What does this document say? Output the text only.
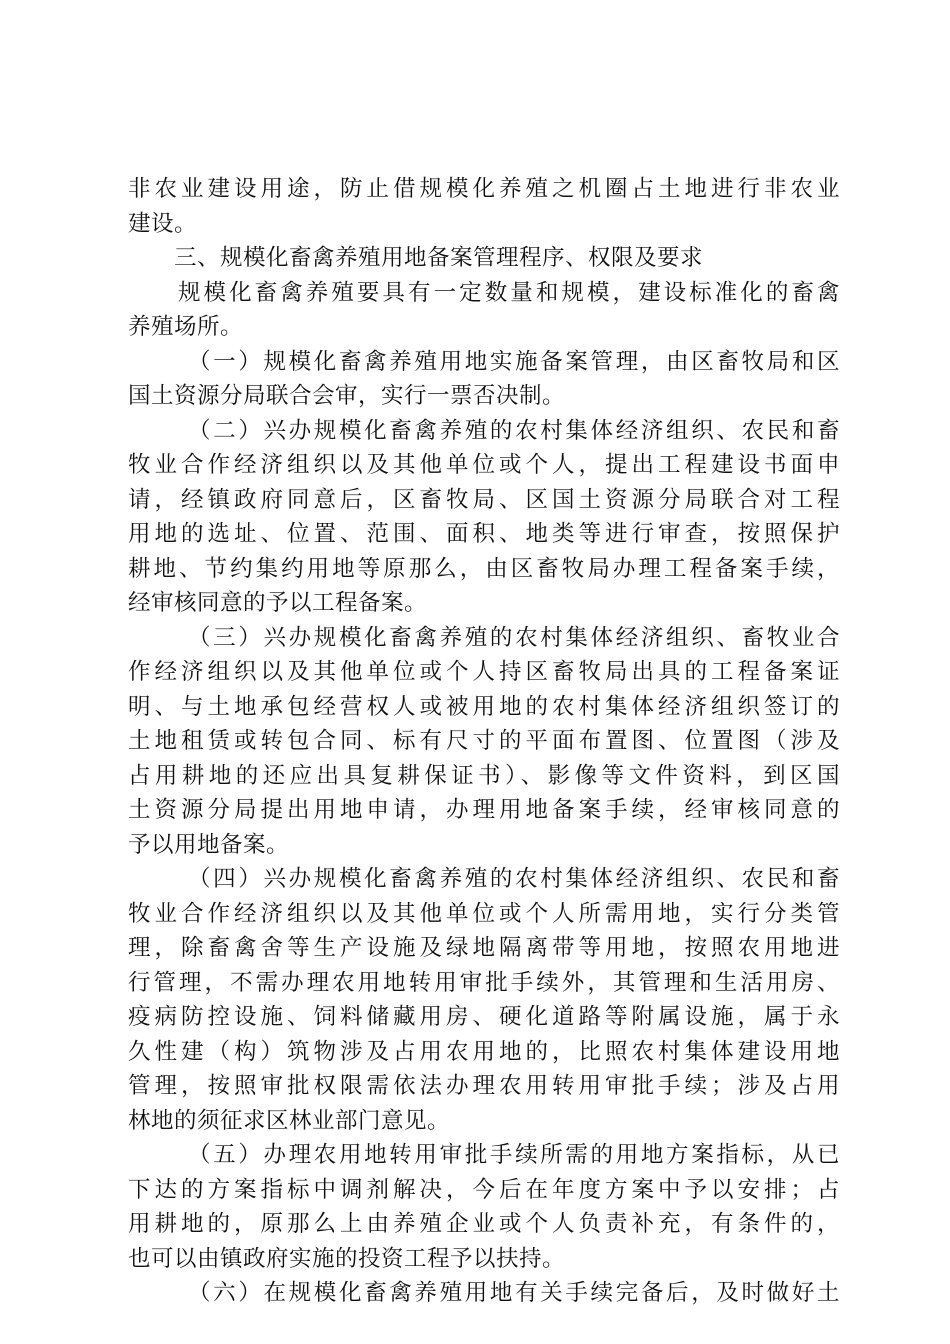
非农业建设用途，防止借规模化养殖之机圈占土地进行非农业
建设。
三、规模化畜禽养殖用地备案管理程序、权限及要求
规模化畜禽养殖要具有一定数量和规模，建设标准化的畜禽
养殖场所。
（一）规模化畜禽养殖用地实施备案管理，由区畜牧局和区
国土资源分局联合会审，实行一票否决制。
（二）兴办规模化畜禽养殖的农村集体经济组织、农民和畜
牧业合作经济组织以及其他单位或个人，提出工程建设书面申
请，经镇政府同意后，区畜牧局、区国土资源分局联合对工程
用地的选址、位置、范围、面积、地类等进行审查，按照保护
耕地、节约集约用地等原那么，由区畜牧局办理工程备案手续，
经审核同意的予以工程备案。
（三）兴办规模化畜禽养殖的农村集体经济组织、畜牧业合
作经济组织以及其他单位或个人持区畜牧局出具的工程备案证
明、与土地承包经营权人或被用地的农村集体经济组织签订的
土地租赁或转包合同、标有尺寸的平面布置图、位置图（涉及
占用耕地的还应出具复耕保证书）、影像等文件资料，到区国
土资源分局提出用地申请，办理用地备案手续，经审核同意的
予以用地备案。
（四）兴办规模化畜禽养殖的农村集体经济组织、农民和畜
牧业合作经济组织以及其他单位或个人所需用地，实行分类管
理，除畜禽舍等生产设施及绿地隔离带等用地，按照农用地进
行管理，不需办理农用地转用审批手续外，其管理和生活用房、
疫病防控设施、饲料储藏用房、硬化道路等附属设施，属于永
久性建（构）筑物涉及占用农用地的，比照农村集体建设用地
管理，按照审批权限需依法办理农用转用审批手续；涉及占用
林地的须征求区林业部门意见。
（五）办理农用地转用审批手续所需的用地方案指标，从已
下达的方案指标中调剂解决，今后在年度方案中予以安排；占
用耕地的，原那么上由养殖企业或个人负责补充，有条件的，
也可以由镇政府实施的投资工程予以扶持。
（六）在规模化畜禽养殖用地有关手续完备后，及时做好土
